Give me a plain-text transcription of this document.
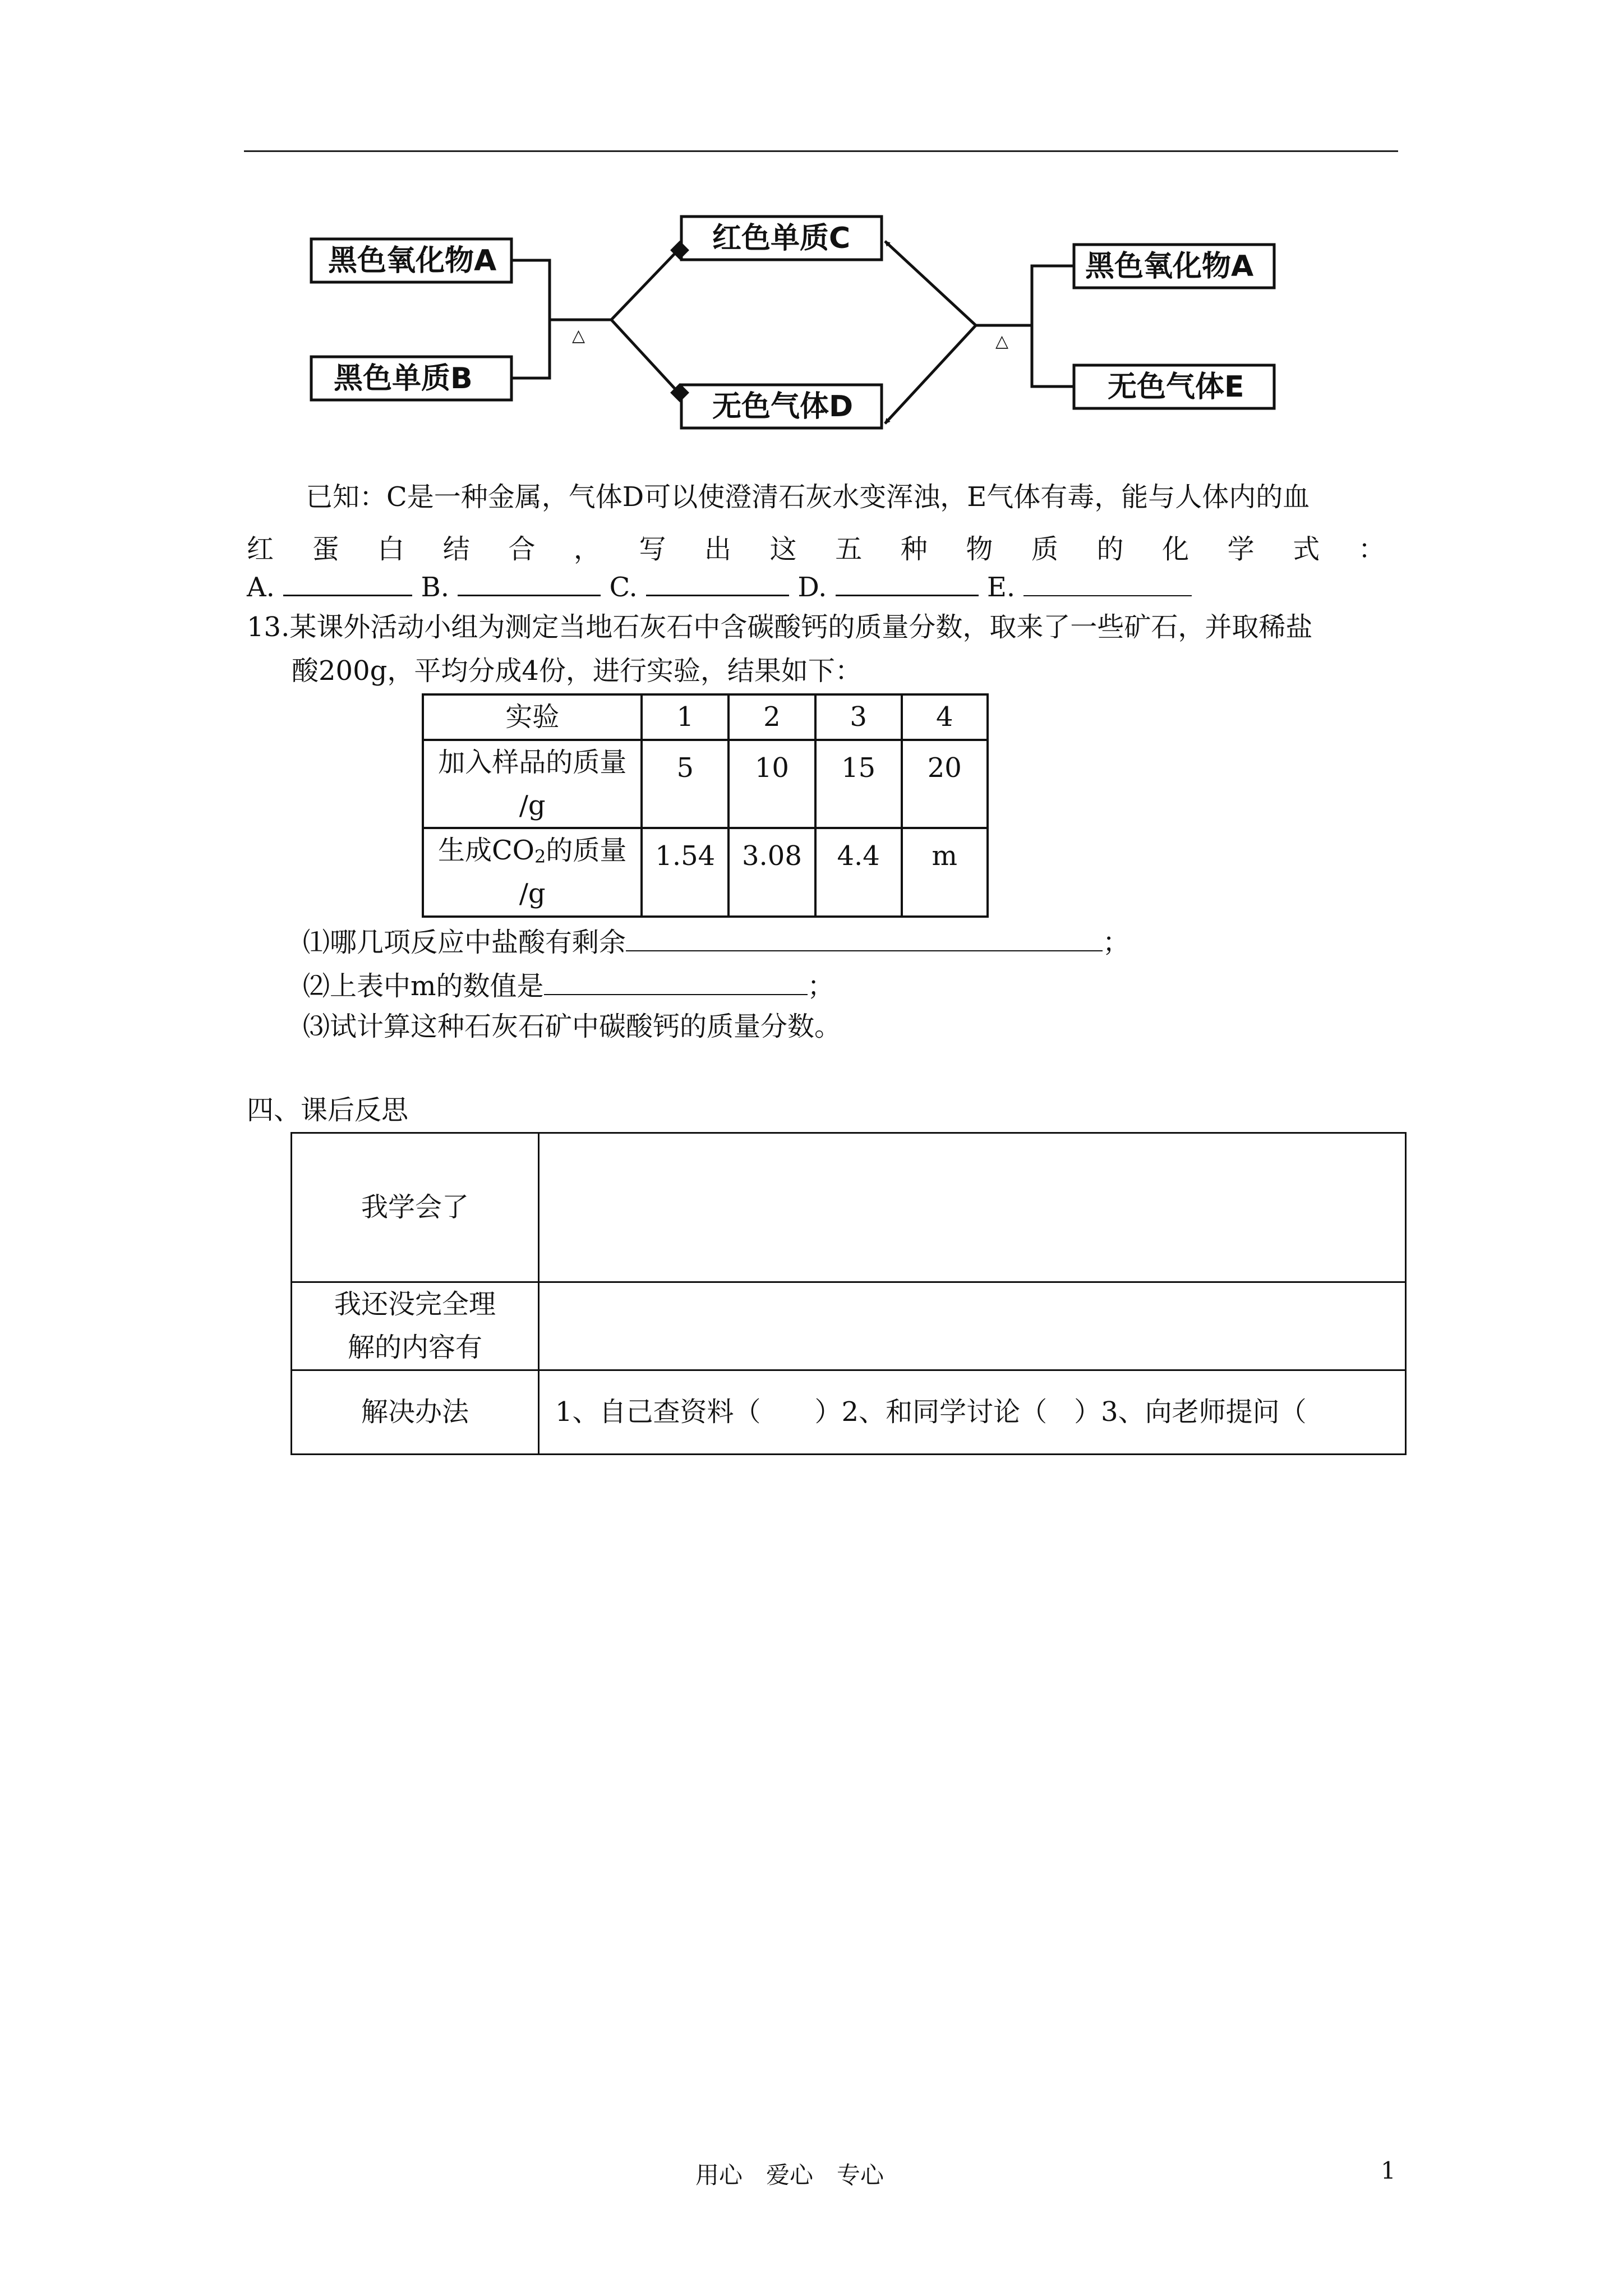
黑色氧化物A
黑色单质B
红色单质C
无色气体D
黑色氧化物A
无色气体E
△	△
已知：C是一种金属，气体D可以使澄清石灰水变浑浊，E气体有毒，能与人体内的血
红 蛋 白 结 合 ， 写 出 这 五 种 物 质 的 化 学 式 ：
A.	B.	C.	D.	E.
13.某课外活动小组为测定当地石灰石中含碳酸钙的质量分数，取来了一些矿石，并取稀盐
酸200g，平均分成4份，进行实验，结果如下：
实验	1	2	3	4

加入样品的质量
/g	5	10	15	20

生成$CO_2$的质量
/g	1.54	3.08	4.4	m
⑴哪几项反应中盐酸有剩余	；
⑵上表中m的数值是	；
⑶试计算这种石灰石矿中碳酸钙的质量分数。
四、课后反思
我学会了	

我还没完全理
解的内容有	

解决办法	1、自己查资料（　　）2、和同学讨论（　）3、向老师提问（
用心　爱心　专心	1
